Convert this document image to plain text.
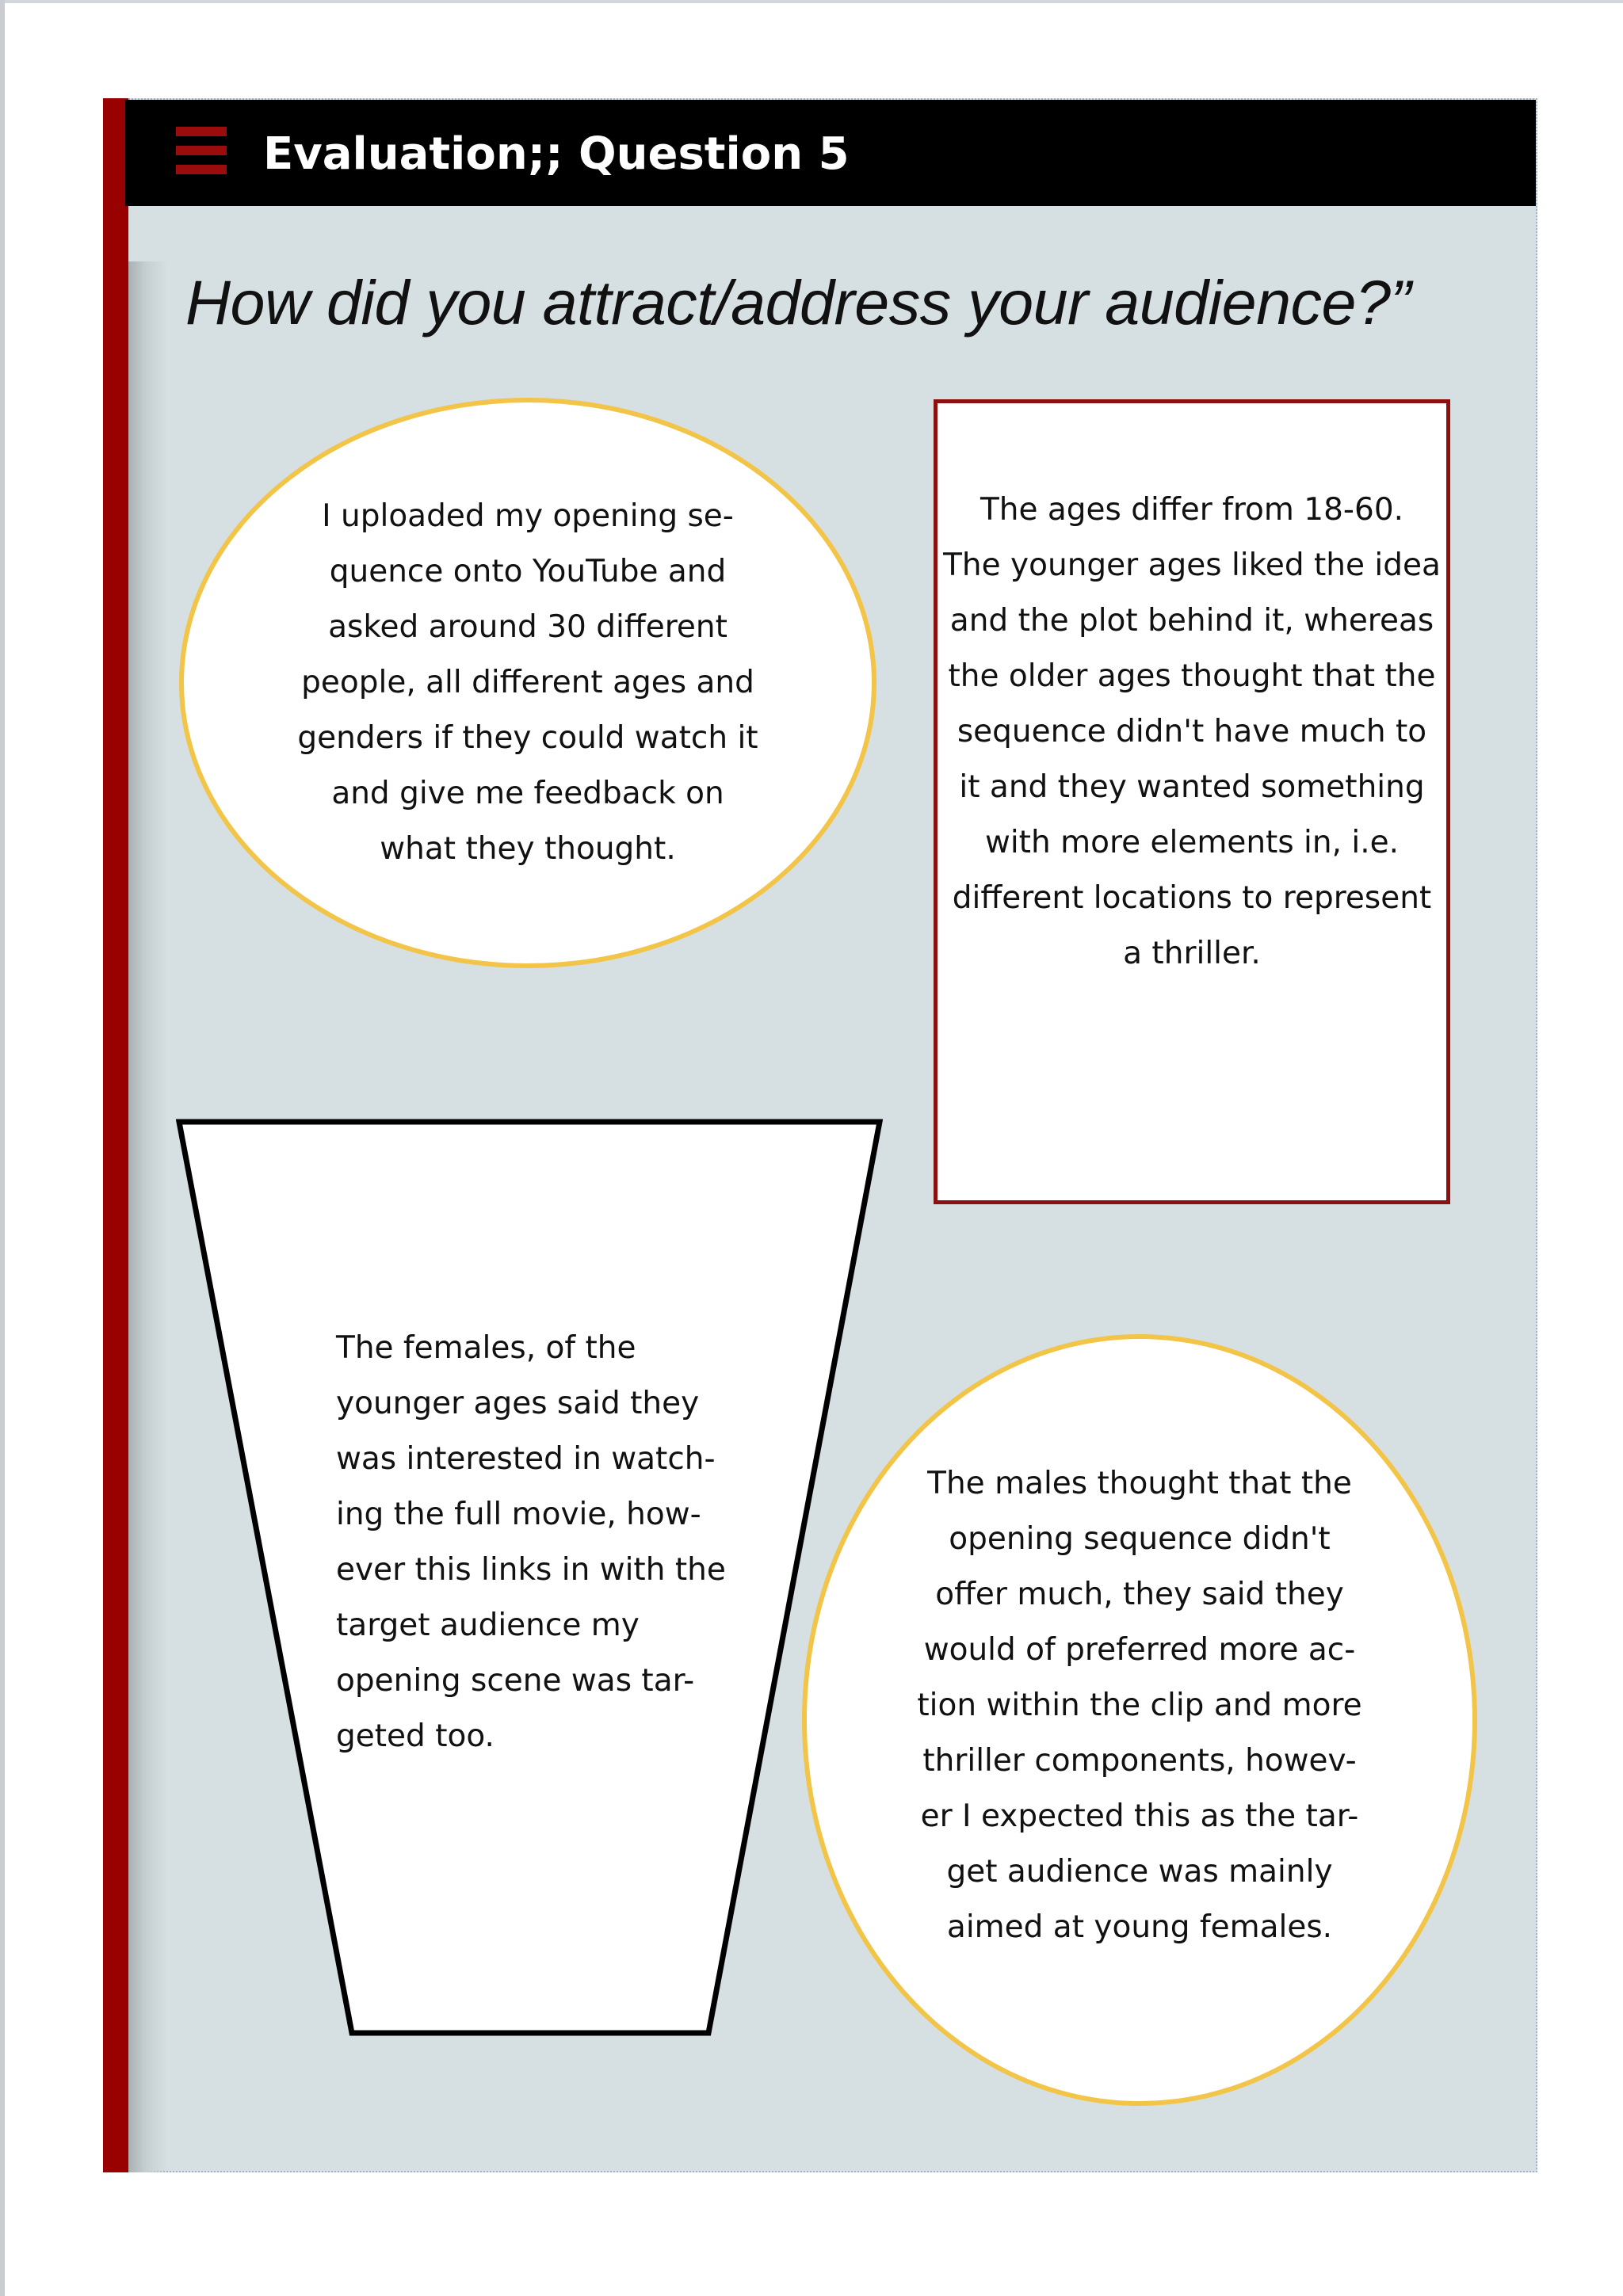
Evaluation;; Question 5
How did you attract/address your audience?”
I uploaded my opening se-
quence onto YouTube and
asked around 30 different
people, all different ages and
genders if they could watch it
and give me feedback on
what they thought.
The ages differ from 18-60.
The younger ages liked the idea
and the plot behind it, whereas
the older ages thought that the
sequence didn't have much to
it and they wanted something
with more elements in, i.e.
different locations to represent
a thriller.
The females, of the
younger ages said they
was interested in watch-
ing the full movie, how-
ever this links in with the
target audience my
opening scene was tar-
geted too.
The males thought that the
opening sequence didn't
offer much, they said they
would of preferred more ac-
tion within the clip and more
thriller components, howev-
er I expected this as the tar-
get audience was mainly
aimed at young females.
